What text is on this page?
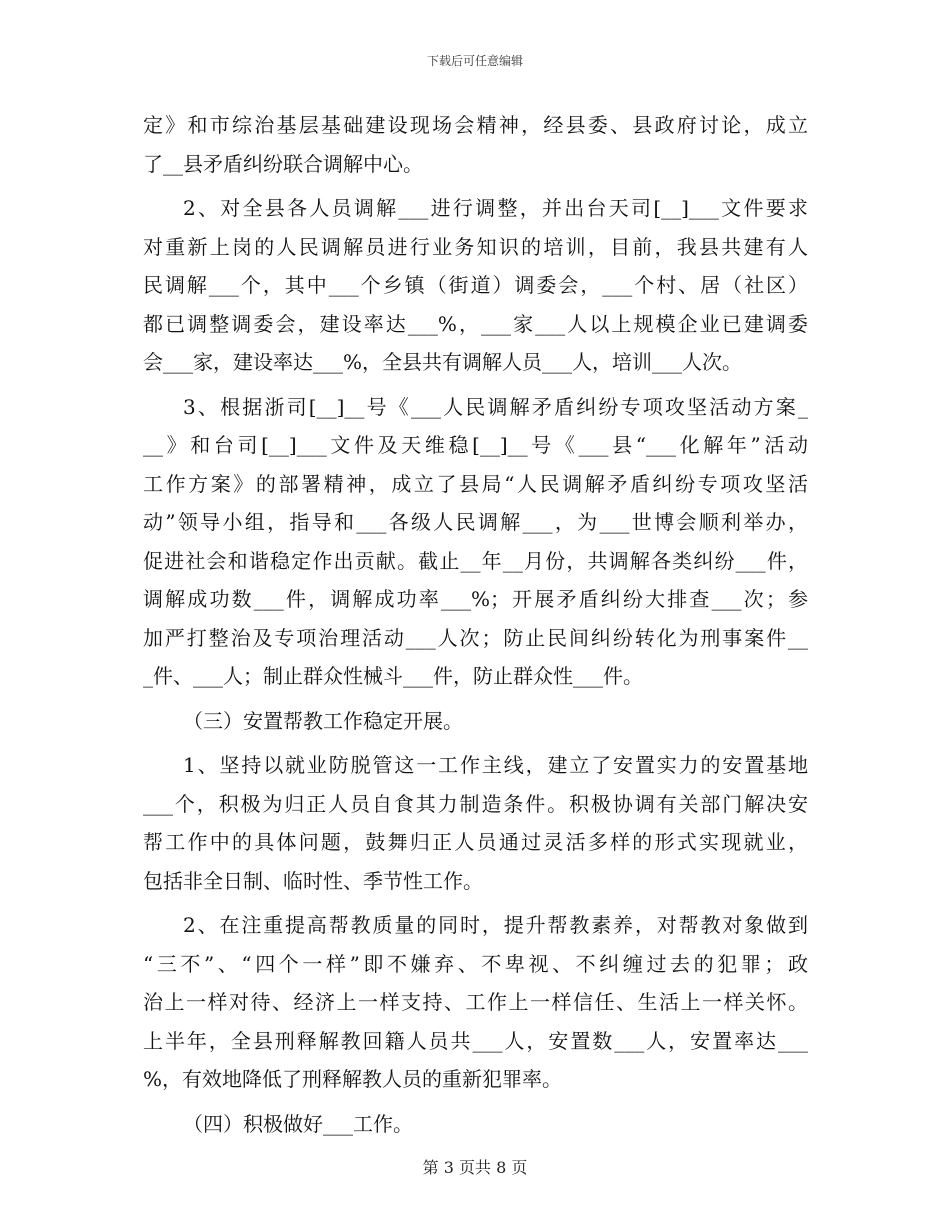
下载后可任意编辑
定》和市综治基层基础建设现场会精神，经县委、县政府讨论，成立
了__县矛盾纠纷联合调解中心。
2、对全县各人员调解___进行调整，并出台天司[__]___文件要求
对重新上岗的人民调解员进行业务知识的培训，目前，我县共建有人
民调解___个，其中___个乡镇（街道）调委会，___个村、居（社区）
都已调整调委会，建设率达___%，___家___人以上规模企业已建调委
会___家，建设率达___%，全县共有调解人员___人，培训___人次。
3、根据浙司[__]__号《___人民调解矛盾纠纷专项攻坚活动方案_
__》和台司[__]___文件及天维稳[__]__号《___县“___化解年”活动
工作方案》的部署精神，成立了县局“人民调解矛盾纠纷专项攻坚活
动”领导小组，指导和___各级人民调解___，为___世博会顺利举办，
促进社会和谐稳定作出贡献。截止__年__月份，共调解各类纠纷___件，
调解成功数___件，调解成功率___%；开展矛盾纠纷大排查___次；参
加严打整治及专项治理活动___人次；防止民间纠纷转化为刑事案件__
_件、___人；制止群众性械斗___件，防止群众性___件。
（三）安置帮教工作稳定开展。
1、坚持以就业防脱管这一工作主线，建立了安置实力的安置基地
___个，积极为归正人员自食其力制造条件。积极协调有关部门解决安
帮工作中的具体问题，鼓舞归正人员通过灵活多样的形式实现就业，
包括非全日制、临时性、季节性工作。
2、在注重提高帮教质量的同时，提升帮教素养，对帮教对象做到
“三不”、“四个一样”即不嫌弃、不卑视、不纠缠过去的犯罪；政
治上一样对待、经济上一样支持、工作上一样信任、生活上一样关怀。
上半年，全县刑释解教回籍人员共___人，安置数___人，安置率达___
%，有效地降低了刑释解教人员的重新犯罪率。
（四）积极做好___工作。
第 3 页共 8 页
